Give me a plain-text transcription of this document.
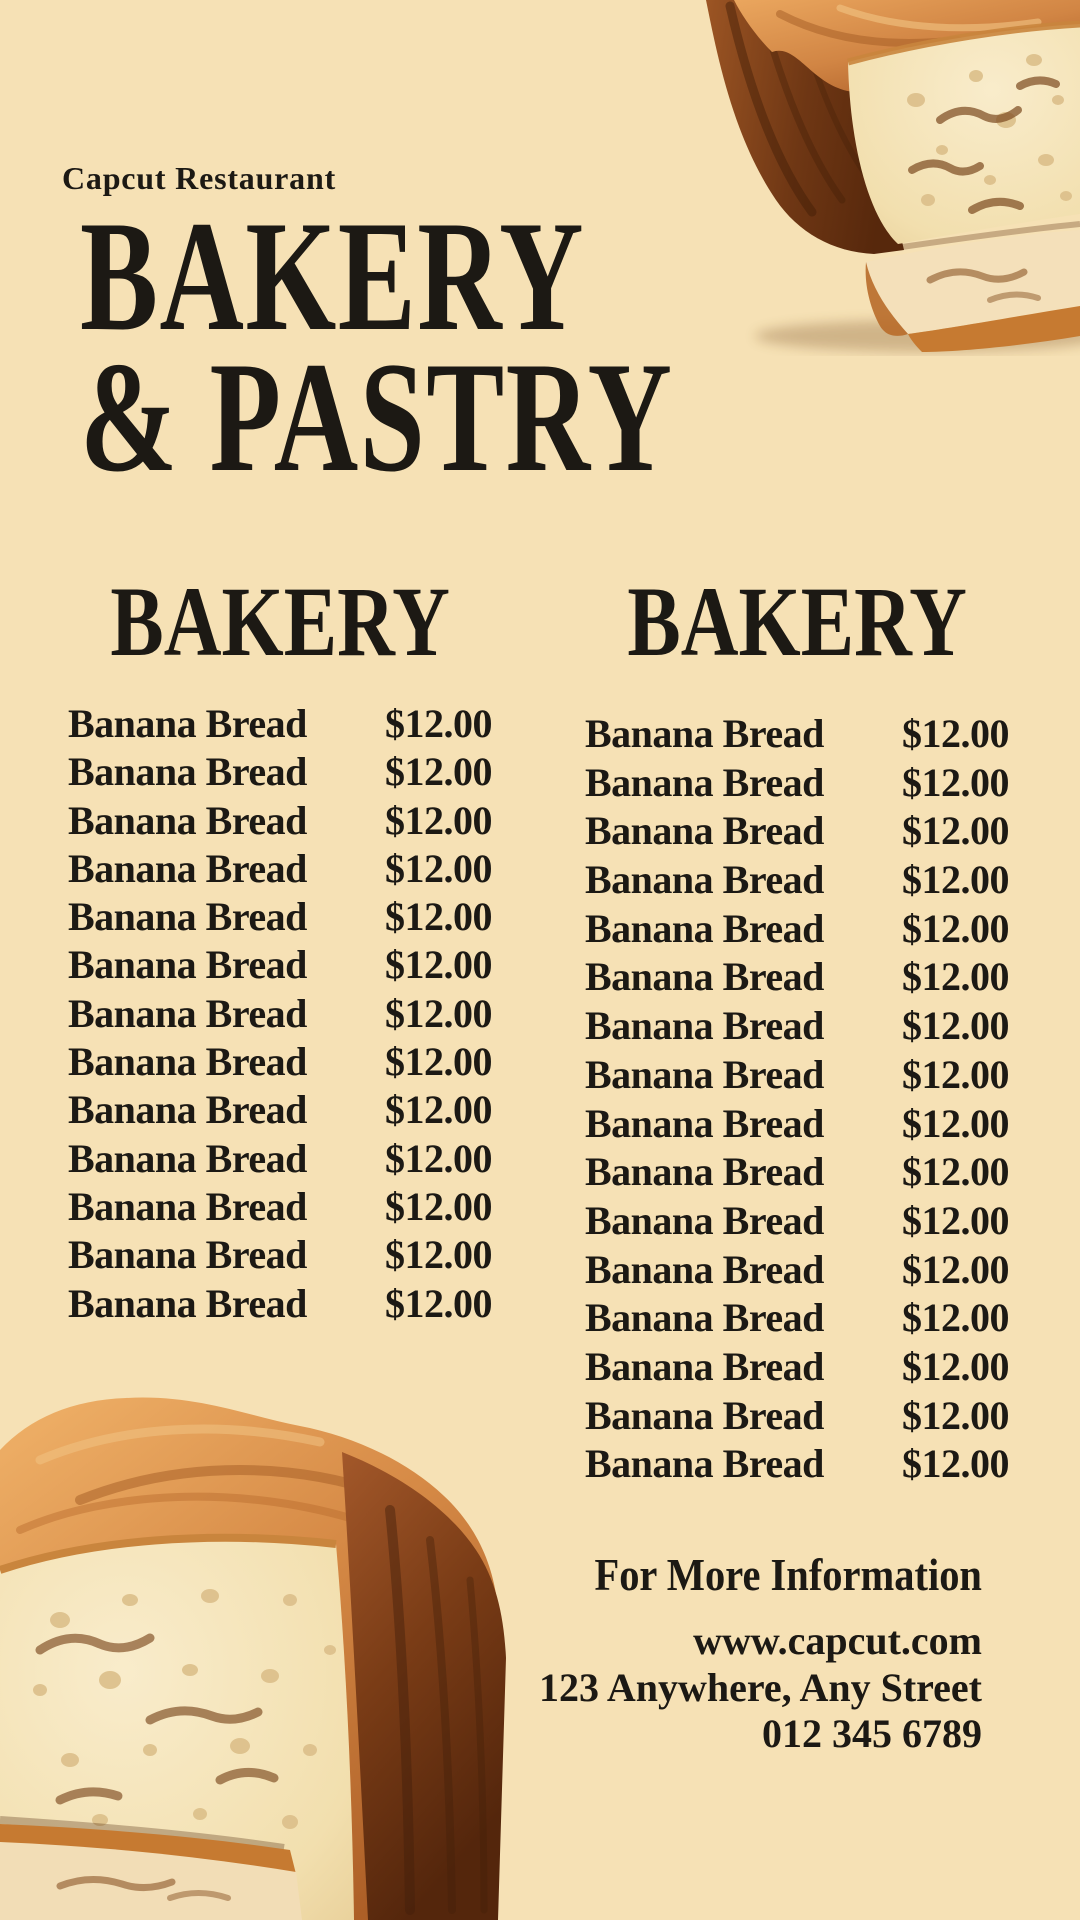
Capcut Restaurant
BAKERY
& PASTRY
BAKERY
Banana Bread $12.00
Banana Bread $12.00
Banana Bread $12.00
Banana Bread $12.00
Banana Bread $12.00
Banana Bread $12.00
Banana Bread $12.00
Banana Bread $12.00
Banana Bread $12.00
Banana Bread $12.00
Banana Bread $12.00
Banana Bread $12.00
Banana Bread $12.00
BAKERY
Banana Bread $12.00
Banana Bread $12.00
Banana Bread $12.00
Banana Bread $12.00
Banana Bread $12.00
Banana Bread $12.00
Banana Bread $12.00
Banana Bread $12.00
Banana Bread $12.00
Banana Bread $12.00
Banana Bread $12.00
Banana Bread $12.00
Banana Bread $12.00
Banana Bread $12.00
Banana Bread $12.00
Banana Bread $12.00
For More Information
www.capcut.com
123 Anywhere, Any Street
012 345 6789
